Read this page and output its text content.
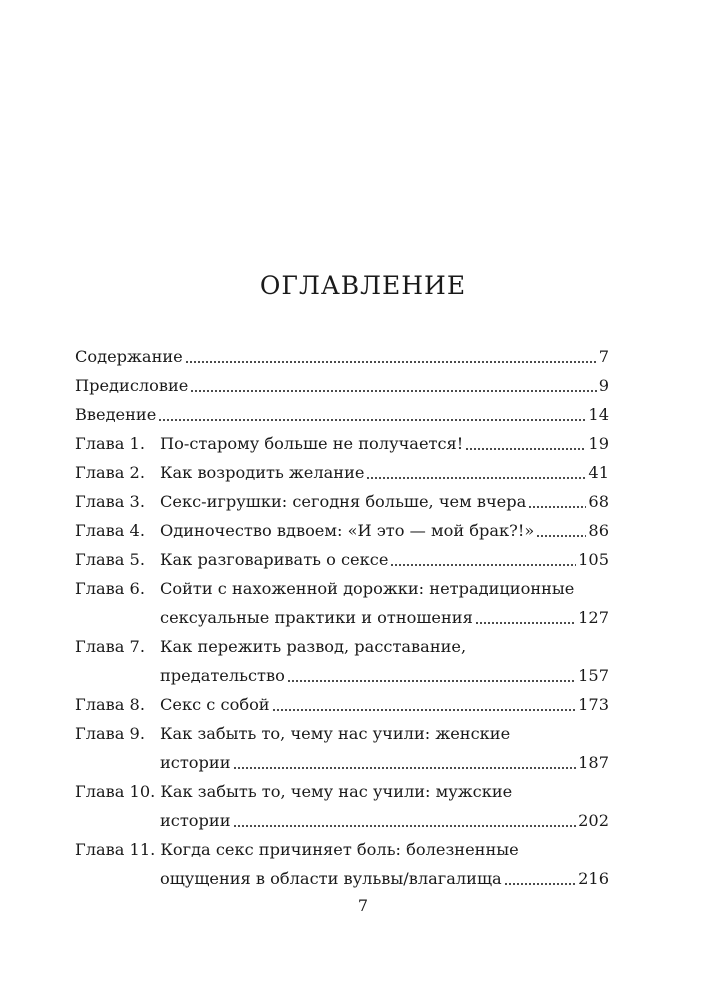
ОГЛАВЛЕНИЕ
Содержание	7
Предисловие	9
Введение	14
Глава 1. По-старому больше не получается!	19
Глава 2. Как возродить желание	41
Глава 3. Секс-игрушки: сегодня больше, чем вчера	68
Глава 4. Одиночество вдвоем: «И это — мой брак?!»	86
Глава 5. Как разговаривать о сексе	105
Глава 6. Сойти с нахоженной дорожки: нетрадиционные
сексуальные практики и отношения	127
Глава 7. Как пережить развод, расставание,
предательство	157
Глава 8. Секс с собой	173
Глава 9. Как забыть то, чему нас учили: женские
истории	187
Глава 10. Как забыть то, чему нас учили: мужские
истории	202
Глава 11. Когда секс причиняет боль: болезненные
ощущения в области вульвы/влагалища	216
7
